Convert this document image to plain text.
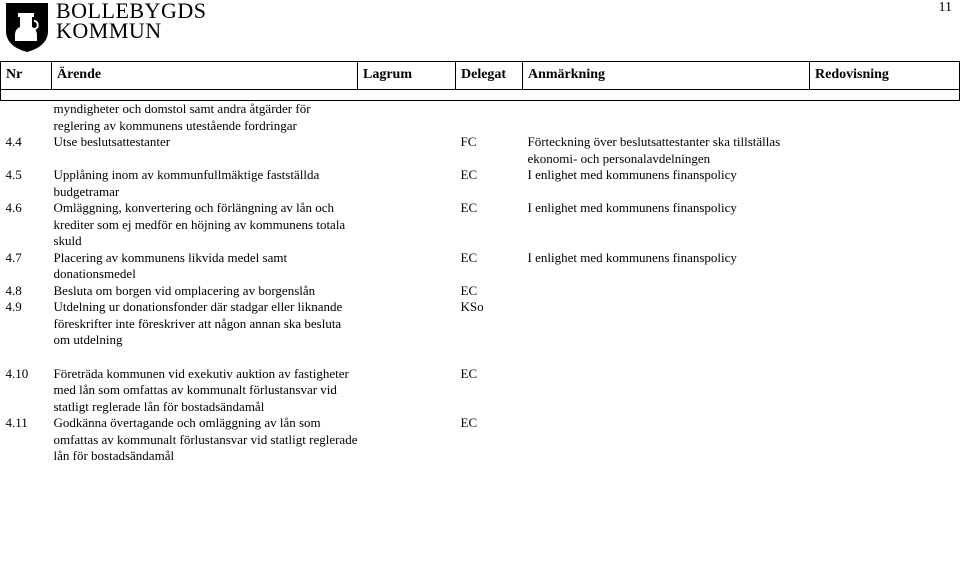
BOLLEBYGDS
KOMMUN
11
Nr	Ärende	Lagrum	Delegat	Anmärkning	Redovisning

	myndigheter och domstol samt andra åtgärder för reglering av kommunens utestående fordringar				
4.4	Utse beslutsattestanter		FC	Förteckning över beslutsattestanter ska tillställas ekonomi- och personalavdelningen	
4.5	Upplåning inom av kommunfullmäktige fastställda budgetramar		EC	I enlighet med kommunens finanspolicy	
4.6	Omläggning, konvertering och förlängning av lån och krediter som ej medför en höjning av kommunens totala skuld		EC	I enlighet med kommunens finanspolicy	
4.7	Placering av kommunens likvida medel samt donationsmedel		EC	I enlighet med kommunens finanspolicy	
4.8	Besluta om borgen vid omplacering av borgenslån		EC		
4.9	Utdelning ur donationsfonder där stadgar eller liknande föreskrifter inte föreskriver att någon annan ska besluta om utdelning		KSo		
4.10	Företräda kommunen vid exekutiv auktion av fastigheter med lån som omfattas av kommunalt förlustansvar vid statligt reglerade lån för bostadsändamål		EC		
4.11	Godkänna övertagande och omläggning av lån som omfattas av kommunalt förlustansvar vid statligt reglerade lån för bostadsändamål		EC		
